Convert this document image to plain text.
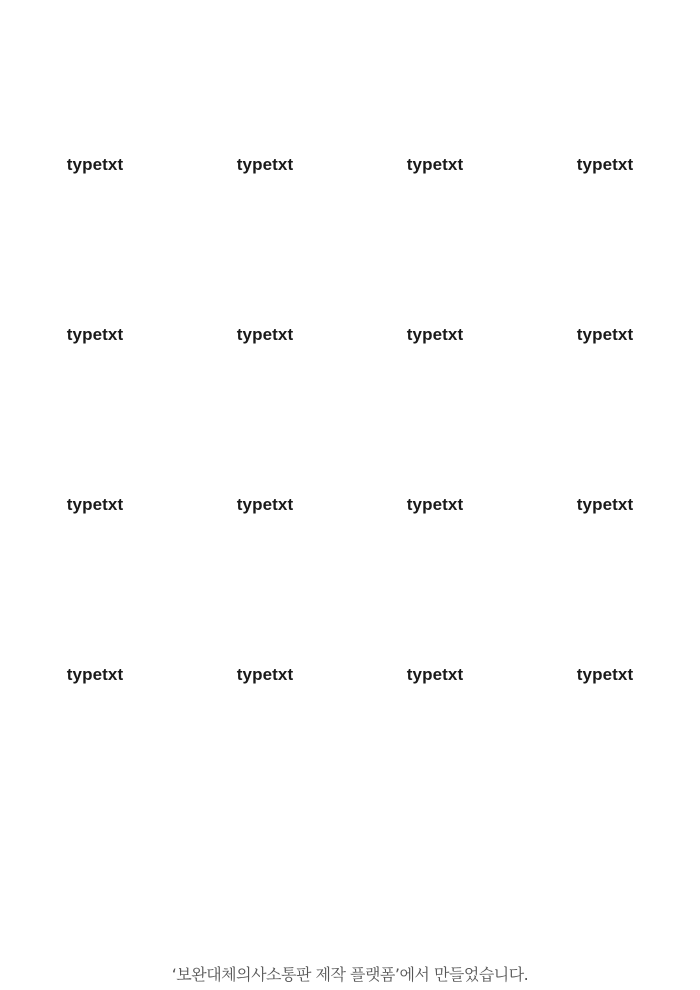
typetxt	typetxt	typetxt	typetxt
typetxt	typetxt	typetxt	typetxt
typetxt	typetxt	typetxt	typetxt
typetxt	typetxt	typetxt	typetxt
‘보완대체의사소통판 제작 플랫폼’에서 만들었습니다.
